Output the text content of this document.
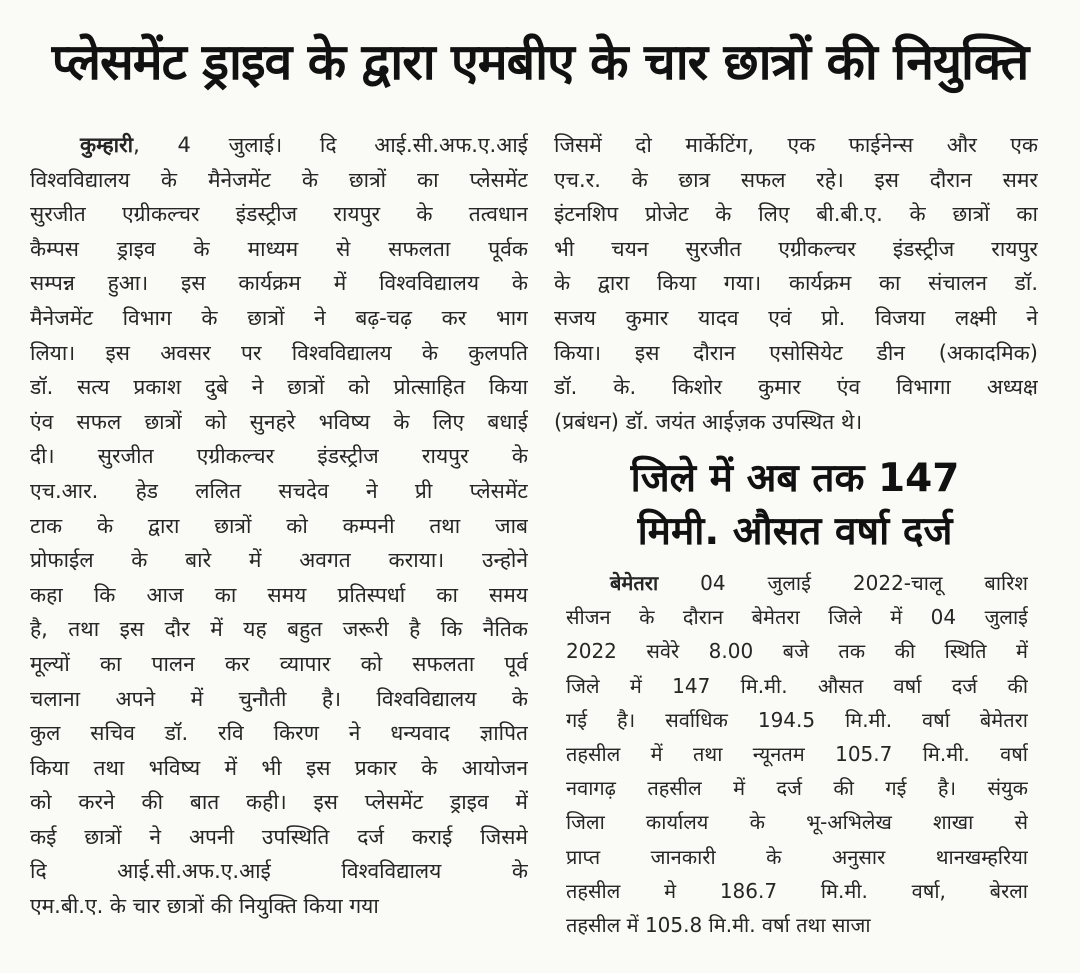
प्लेसमेंट ड्राइव के द्वारा एमबीए के चार छात्रों की नियुक्ति
कुम्हारी, 4 जुलाई। दि आई.सी.अफ.ए.आई
विश्वविद्यालय के मैनेजमेंट के छात्रों का प्लेसमेंट
सुरजीत एग्रीकल्चर इंडस्ट्रीज रायपुर के तत्वधान
कैम्पस ड्राइव के माध्यम से सफलता पूर्वक
सम्पन्न हुआ। इस कार्यक्रम में विश्वविद्यालय के
मैनेजमेंट विभाग के छात्रों ने बढ़-चढ़ कर भाग
लिया। इस अवसर पर विश्वविद्यालय के कुलपति
डॉ. सत्य प्रकाश दुबे ने छात्रों को प्रोत्साहित किया
एंव सफल छात्रों को सुनहरे भविष्य के लिए बधाई
दी। सुरजीत एग्रीकल्चर इंडस्ट्रीज रायपुर के
एच.आर. हेड ललित सचदेव ने प्री प्लेसमेंट
टाक के द्वारा छात्रों को कम्पनी तथा जाब
प्रोफाईल के बारे में अवगत कराया। उन्होने
कहा कि आज का समय प्रतिस्पर्धा का समय
है, तथा इस दौर में यह बहुत जरूरी है कि नैतिक
मूल्यों का पालन कर व्यापार को सफलता पूर्व
चलाना अपने में चुनौती है। विश्वविद्यालय के
कुल सचिव डॉ. रवि किरण ने धन्यवाद ज्ञापित
किया तथा भविष्य में भी इस प्रकार के आयोजन
को करने की बात कही। इस प्लेसमेंट ड्राइव में
कई छात्रों ने अपनी उपस्थिति दर्ज कराई जिसमे
दि आई.सी.अफ.ए.आई विश्वविद्यालय के
एम.बी.ए. के चार छात्रों की नियुक्ति किया गया
जिसमें दो मार्केटिंग, एक फाईनेन्स और एक
एच.र. के छात्र सफल रहे। इस दौरान समर
इंटनशिप प्रोजेट के लिए बी.बी.ए. के छात्रों का
भी चयन सुरजीत एग्रीकल्चर इंडस्ट्रीज रायपुर
के द्वारा किया गया। कार्यक्रम का संचालन डॉ.
सजय कुमार यादव एवं प्रो. विजया लक्ष्मी ने
किया। इस दौरान एसोसियेट डीन (अकादमिक)
डॉ. के. किशोर कुमार एंव विभागा अध्यक्ष
(प्रबंधन) डॉ. जयंत आईज़क उपस्थित थे।
जिले में अब तक 147
मिमी. औसत वर्षा दर्ज
बेमेतरा 04 जुलाई 2022-चालू बारिश
सीजन के दौरान बेमेतरा जिले में 04 जुलाई
2022 सवेरे 8.00 बजे तक की स्थिति में
जिले में 147 मि.मी. औसत वर्षा दर्ज की
गई है। सर्वाधिक 194.5 मि.मी. वर्षा बेमेतरा
तहसील में तथा न्यूनतम 105.7 मि.मी. वर्षा
नवागढ़ तहसील में दर्ज की गई है। संयुक
जिला कार्यालय के भू-अभिलेख शाखा से
प्राप्त जानकारी के अनुसार थानखम्हरिया
तहसील मे 186.7 मि.मी. वर्षा, बेरला
तहसील में 105.8 मि.मी. वर्षा तथा साजा
